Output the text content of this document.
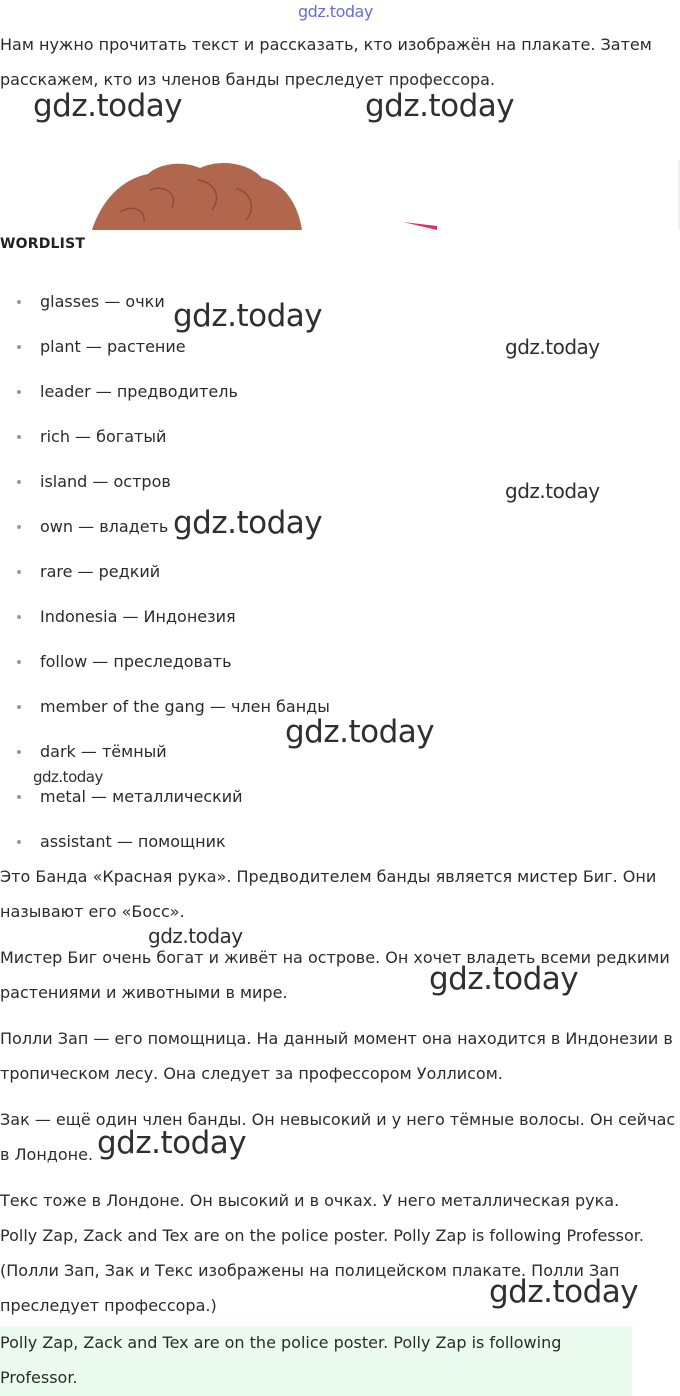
gdz.today

Нам нужно прочитать текст и рассказать, кто изображён на плакате. Затем расскажем, кто из членов банды преследует профессора.

gdz.today	gdz.today
WORDLIST
glasses — очки
plant — растение
leader — предводитель
rich — богатый
island — остров
own — владеть
rare — редкий
Indonesia — Индонезия
follow — преследовать
member of the gang — член банды
dark — тёмный
metal — металлический
assistant — помощник
gdz.today
gdz.today
gdz.today
gdz.today
gdz.today
gdz.today

Это Банда «Красная рука». Предводителем банды является мистер Биг. Они называют его «Босс».

Мистер Биг очень богат и живёт на острове. Он хочет владеть всеми редкими растениями и животными в мире.

Полли Зап — его помощница. На данный момент она находится в Индонезии в тропическом лесу. Она следует за профессором Уоллисом.

Зак — ещё один член банды. Он невысокий и у него тёмные волосы. Он сейчас в Лондоне.

Текс тоже в Лондоне. Он высокий и в очках. У него металлическая рука.

Polly Zap, Zack and Tex are on the police poster. Polly Zap is following Professor.

(Полли Зап, Зак и Текс изображены на полицейском плакате. Полли Зап преследует профессора.)

Polly Zap, Zack and Tex are on the police poster. Polly Zap is following Professor.

gdz.today
gdz.today
gdz.today
gdz.today
